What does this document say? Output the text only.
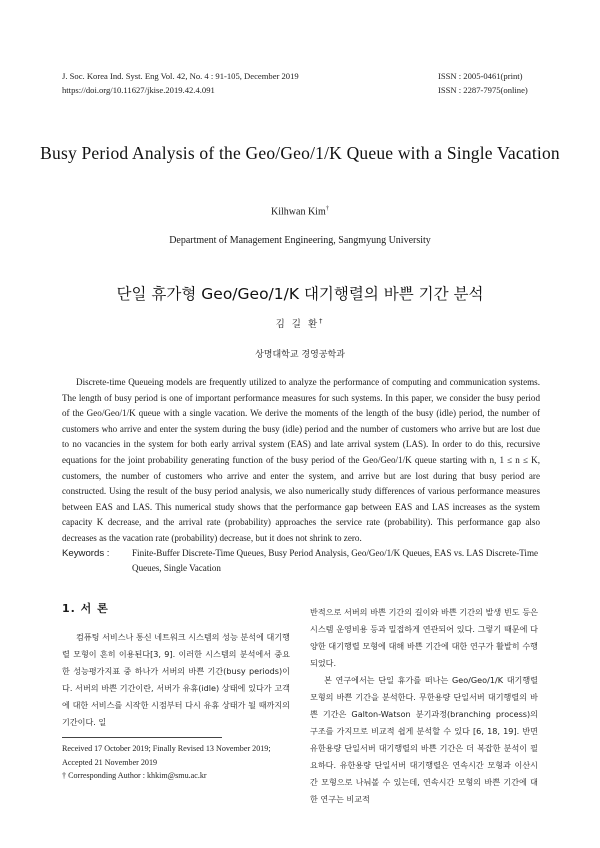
J. Soc. Korea Ind. Syst. Eng Vol. 42, No. 4 : 91-105, December 2019
https://doi.org/10.11627/jkise.2019.42.4.091
ISSN : 2005-0461(print)
ISSN : 2287-7975(online)
Busy Period Analysis of the Geo/Geo/1/K Queue with a Single Vacation
Kilhwan Kim†
Department of Management Engineering, Sangmyung University
단일 휴가형 Geo/Geo/1/K 대기행렬의 바쁜 기간 분석
김 길 환†
상명대학교 경영공학과

Discrete-time Queueing models are frequently utilized to analyze the performance of computing and communication systems. The length of busy period is one of important performance measures for such systems. In this paper, we consider the busy period of the Geo/Geo/1/K queue with a single vacation. We derive the moments of the length of the busy (idle) period, the number of customers who arrive and enter the system during the busy (idle) period and the number of customers who arrive but are lost due to no vacancies in the system for both early arrival system (EAS) and late arrival system (LAS). In order to do this, recursive equations for the joint probability generating function of the busy period of the Geo/Geo/1/K queue starting with n, 1 ≤ n ≤ K, customers, the number of customers who arrive and enter the system, and arrive but are lost during that busy period are constructed. Using the result of the busy period analysis, we also numerically study differences of various performance measures between EAS and LAS. This numerical study shows that the performance gap between EAS and LAS increases as the system capacity K decrease, and the arrival rate (probability) approaches the service rate (probability). This performance gap also decreases as the vacation rate (probability) decrease, but it does not shrink to zero.

Keywords : Finite-Buffer Discrete-Time Queues, Busy Period Analysis, Geo/Geo/1/K Queues, EAS vs. LAS Discrete-Time Queues, Single Vacation
1. 서 론

컴퓨팅 서비스나 통신 네트워크 시스템의 성능 분석에 대기행렬 모형이 흔히 이용된다[3, 9]. 이러한 시스템의 분석에서 중요한 성능평가지표 중 하나가 서버의 바쁜 기간(busy periods)이다. 서버의 바쁜 기간이란, 서버가 유휴(idle) 상태에 있다가 고객에 대한 서비스를 시작한 시점부터 다시 유휴 상태가 될 때까지의 기간이다. 일

Received 17 October 2019; Finally Revised 13 November 2019;
Accepted 21 November 2019
† Corresponding Author : khkim@smu.ac.kr

반적으로 서버의 바쁜 기간의 길이와 바쁜 기간의 발생 빈도 등은 시스템 운영비용 등과 밀접하게 연관되어 있다. 그렇기 때문에 다양한 대기행렬 모형에 대해 바쁜 기간에 대한 연구가 활발히 수행되었다.

본 연구에서는 단일 휴가를 떠나는 Geo/Geo/1/K 대기행렬 모형의 바쁜 기간을 분석한다. 무한용량 단일서버 대기행렬의 바쁜 기간은 Galton-Watson 분기과정(branching process)의 구조를 가지므로 비교적 쉽게 분석할 수 있다 [6, 18, 19]. 반면 유한용량 단일서버 대기행렬의 바쁜 기간은 더 복잡한 분석이 필요하다. 유한용량 단일서버 대기행렬은 연속시간 모형과 이산시간 모형으로 나눠볼 수 있는데, 연속시간 모형의 바쁜 기간에 대한 연구는 비교적
